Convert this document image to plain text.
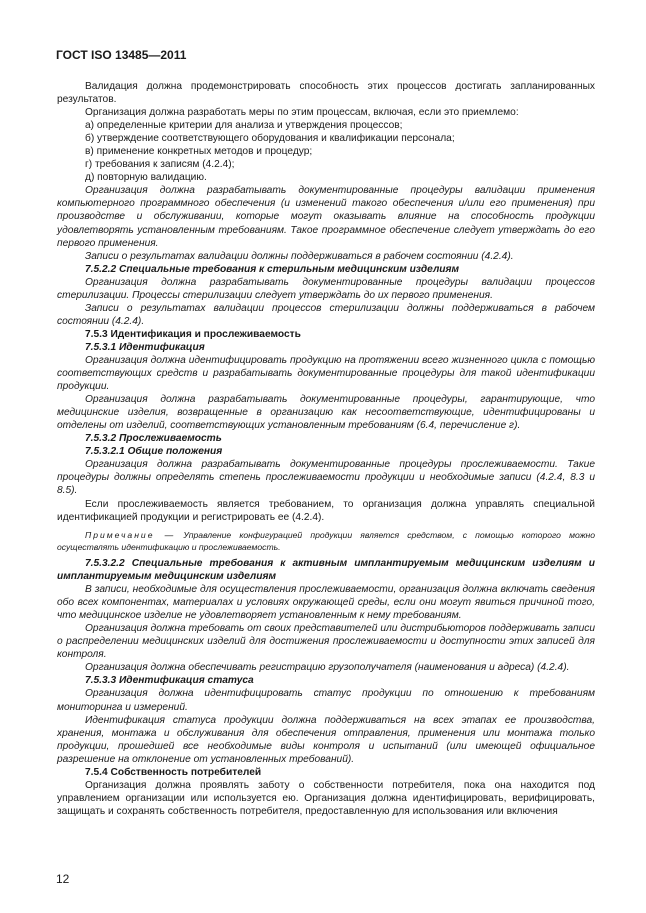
ГОСТ ISO 13485—2011

Валидация должна продемонстрировать способность этих процессов достигать запланированных результатов.

Организация должна разработать меры по этим процессам, включая, если это приемлемо:

а) определенные критерии для анализа и утверждения процессов;

б) утверждение соответствующего оборудования и квалификации персонала;

в) применение конкретных методов и процедур;

г) требования к записям (4.2.4);

д) повторную валидацию.

Организация должна разрабатывать документированные процедуры валидации применения компьютерного программного обеспечения (и изменений такого обеспечения и/или его применения) при производстве и обслуживании, которые могут оказывать влияние на способность продукции удовлетворять установленным требованиям. Такое программное обеспечение следует утверждать до его первого применения.

Записи о результатах валидации должны поддерживаться в рабочем состоянии (4.2.4).

7.5.2.2 Специальные требования к стерильным медицинским изделиям

Организация должна разрабатывать документированные процедуры валидации процессов стерилизации. Процессы стерилизации следует утверждать до их первого применения.

Записи о результатах валидации процессов стерилизации должны поддерживаться в рабочем состоянии (4.2.4).

7.5.3 Идентификация и прослеживаемость

7.5.3.1 Идентификация

Организация должна идентифицировать продукцию на протяжении всего жизненного цикла с помощью соответствующих средств и разрабатывать документированные процедуры для такой идентификации продукции.

Организация должна разрабатывать документированные процедуры, гарантирующие, что медицинские изделия, возвращенные в организацию как несоответствующие, идентифицированы и отделены от изделий, соответствующих установленным требованиям (6.4, перечисление г).

7.5.3.2 Прослеживаемость

7.5.3.2.1 Общие положения

Организация должна разрабатывать документированные процедуры прослеживаемости. Такие процедуры должны определять степень прослеживаемости продукции и необходимые записи (4.2.4, 8.3 и 8.5).

Если прослеживаемость является требованием, то организация должна управлять специальной идентификацией продукции и регистрировать ее (4.2.4).

Примечание — Управление конфигурацией продукции является средством, с помощью которого можно осуществлять идентификацию и прослеживаемость.

7.5.3.2.2 Специальные требования к активным имплантируемым медицинским изделиям и имплантируемым медицинским изделиям

В записи, необходимые для осуществления прослеживаемости, организация должна включать сведения обо всех компонентах, материалах и условиях окружающей среды, если они могут явиться причиной того, что медицинское изделие не удовлетворяет установленным к нему требованиям.

Организация должна требовать от своих представителей или дистрибьюторов поддерживать записи о распределении медицинских изделий для достижения прослеживаемости и доступности этих записей для контроля.

Организация должна обеспечивать регистрацию грузополучателя (наименования и адреса) (4.2.4).

7.5.3.3 Идентификация статуса

Организация должна идентифицировать статус продукции по отношению к требованиям мониторинга и измерений.

Идентификация статуса продукции должна поддерживаться на всех этапах ее производства, хранения, монтажа и обслуживания для обеспечения отправления, применения или монтажа только продукции, прошедшей все необходимые виды контроля и испытаний (или имеющей официальное разрешение на отклонение от установленных требований).

7.5.4 Собственность потребителей

Организация должна проявлять заботу о собственности потребителя, пока она находится под управлением организации или используется ею. Организация должна идентифицировать, верифицировать, защищать и сохранять собственность потребителя, предоставленную для использования или включения

12
